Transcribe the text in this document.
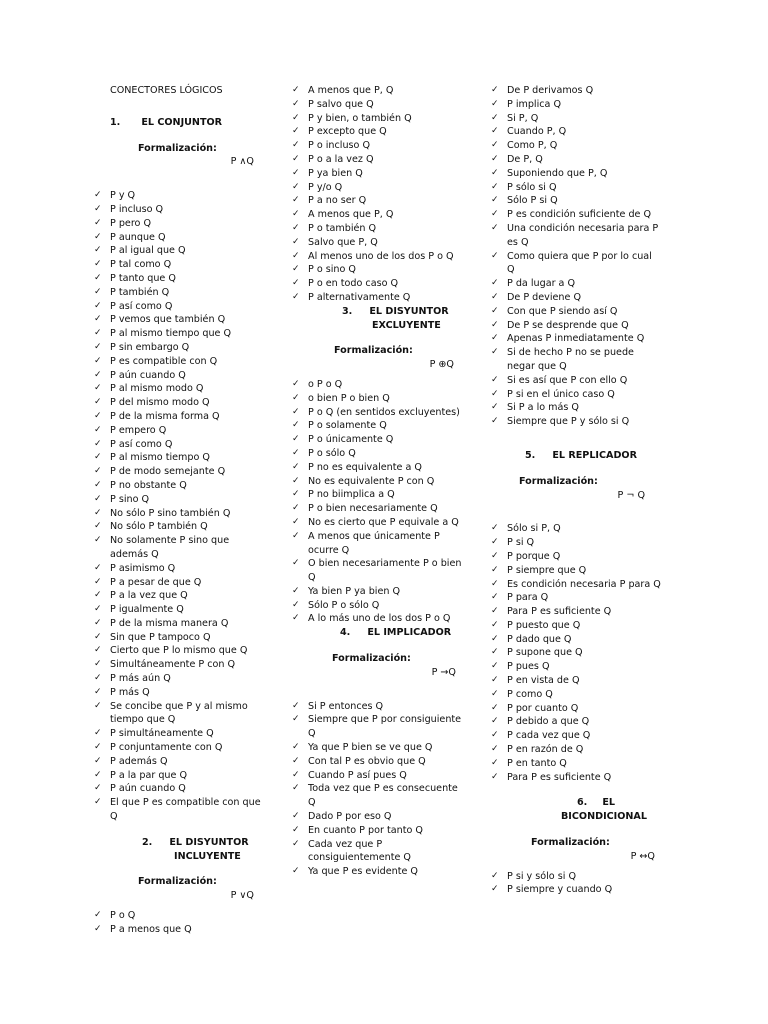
CONECTORES LÓGICOS
1. EL CONJUNTOR
Formalización:
P ∧Q
✓ P y Q
✓ P incluso Q
✓ P pero Q
✓ P aunque Q
✓ P al igual que Q
✓ P tal como Q
✓ P tanto que Q
✓ P también Q
✓ P así como Q
✓ P vemos que también Q
✓ P al mismo tiempo que Q
✓ P sin embargo Q
✓ P es compatible con Q
✓ P aún cuando Q
✓ P al mismo modo Q
✓ P del mismo modo Q
✓ P de la misma forma Q
✓ P empero Q
✓ P así como Q
✓ P al mismo tiempo Q
✓ P de modo semejante Q
✓ P no obstante Q
✓ P sino Q
✓ No sólo P sino también Q
✓ No sólo P también Q
✓ No solamente P sino que además Q
✓ P asimismo Q
✓ P a pesar de que Q
✓ P a la vez que Q
✓ P igualmente Q
✓ P de la misma manera Q
✓ Sin que P tampoco Q
✓ Cierto que P lo mismo que Q
✓ Simultáneamente P con Q
✓ P más aún Q
✓ P más Q
✓ Se concibe que P y al mismo tiempo que Q
✓ P simultáneamente Q
✓ P conjuntamente con Q
✓ P además Q
✓ P a la par que Q
✓ P aún cuando Q
✓ El que P es compatible con que Q
2. EL DISYUNTOR
INCLUYENTE
Formalización:
P ∨Q
✓ P o Q
✓ P a menos que Q
✓ A menos que P, Q
✓ P salvo que Q
✓ P y bien, o también Q
✓ P excepto que Q
✓ P o incluso Q
✓ P o a la vez Q
✓ P ya bien Q
✓ P y/o Q
✓ P a no ser Q
✓ A menos que P, Q
✓ P o también Q
✓ Salvo que P, Q
✓ Al menos uno de los dos P o Q
✓ P o sino Q
✓ P o en todo caso Q
✓ P alternativamente Q
3. EL DISYUNTOR
EXCLUYENTE
Formalización:
P ⊕Q
✓ o P o Q
✓ o bien P o bien Q
✓ P o Q (en sentidos excluyentes)
✓ P o solamente Q
✓ P o únicamente Q
✓ P o sólo Q
✓ P no es equivalente a Q
✓ No es equivalente P con Q
✓ P no biimplica a Q
✓ P o bien necesariamente Q
✓ No es cierto que P equivale a Q
✓ A menos que únicamente P ocurre Q
✓ O bien necesariamente P o bien Q
✓ Ya bien P ya bien Q
✓ Sólo P o sólo Q
✓ A lo más uno de los dos P o Q
4. EL IMPLICADOR
Formalización:
P →Q
✓ Si P entonces Q
✓ Siempre que P por consiguiente Q
✓ Ya que P bien se ve que Q
✓ Con tal P es obvio que Q
✓ Cuando P así pues Q
✓ Toda vez que P es consecuente Q
✓ Dado P por eso Q
✓ En cuanto P por tanto Q
✓ Cada vez que P consiguientemente Q
✓ Ya que P es evidente Q
✓ De P derivamos Q
✓ P implica Q
✓ Si P, Q
✓ Cuando P, Q
✓ Como P, Q
✓ De P, Q
✓ Suponiendo que P, Q
✓ P sólo si Q
✓ Sólo P si Q
✓ P es condición suficiente de Q
✓ Una condición necesaria para P es Q
✓ Como quiera que P por lo cual Q
✓ P da lugar a Q
✓ De P deviene Q
✓ Con que P siendo así Q
✓ De P se desprende que Q
✓ Apenas P inmediatamente Q
✓ Si de hecho P no se puede negar que Q
✓ Si es así que P con ello Q
✓ P si en el único caso Q
✓ Si P a lo más Q
✓ Siempre que P y sólo si Q
5. EL REPLICADOR
Formalización:
P ¬ Q
✓ Sólo si P, Q
✓ P si Q
✓ P porque Q
✓ P siempre que Q
✓ Es condición necesaria P para Q
✓ P para Q
✓ Para P es suficiente Q
✓ P puesto que Q
✓ P dado que Q
✓ P supone que Q
✓ P pues Q
✓ P en vista de Q
✓ P como Q
✓ P por cuanto Q
✓ P debido a que Q
✓ P cada vez que Q
✓ P en razón de Q
✓ P en tanto Q
✓ Para P es suficiente Q
6. EL
BICONDICIONAL
Formalización:
P ↔Q
✓ P si y sólo si Q
✓ P siempre y cuando Q
